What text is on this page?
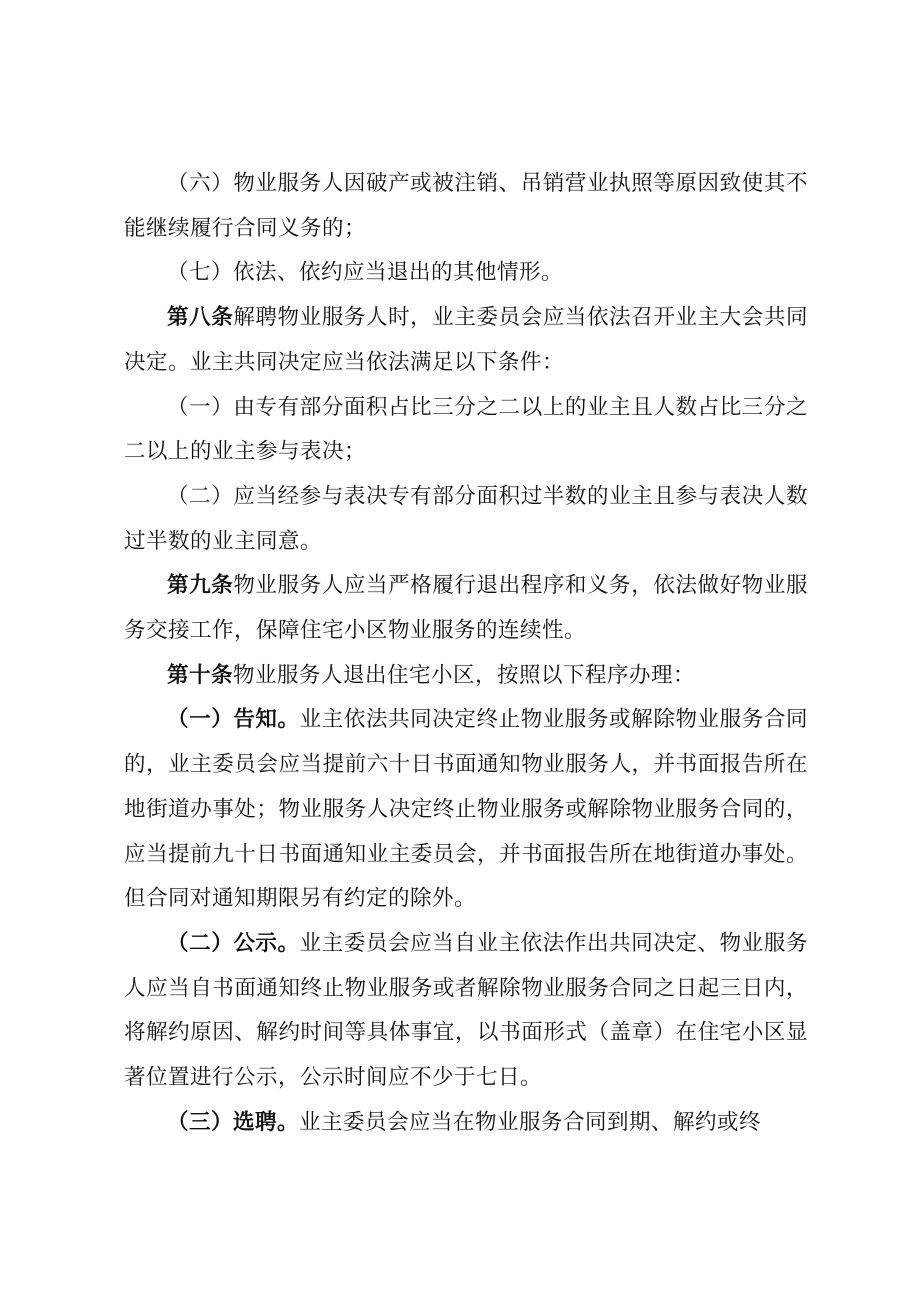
（六）物业服务人因破产或被注销、吊销营业执照等原因致使其不能继续履行合同义务的；

（七）依法、依约应当退出的其他情形。

第八条解聘物业服务人时，业主委员会应当依法召开业主大会共同决定。业主共同决定应当依法满足以下条件：

（一）由专有部分面积占比三分之二以上的业主且人数占比三分之二以上的业主参与表决；

（二）应当经参与表决专有部分面积过半数的业主且参与表决人数过半数的业主同意。

第九条物业服务人应当严格履行退出程序和义务，依法做好物业服务交接工作，保障住宅小区物业服务的连续性。

第十条物业服务人退出住宅小区，按照以下程序办理：

（一）告知。业主依法共同决定终止物业服务或解除物业服务合同的，业主委员会应当提前六十日书面通知物业服务人，并书面报告所在地街道办事处；物业服务人决定终止物业服务或解除物业服务合同的，应当提前九十日书面通知业主委员会，并书面报告所在地街道办事处。但合同对通知期限另有约定的除外。

（二）公示。业主委员会应当自业主依法作出共同决定、物业服务人应当自书面通知终止物业服务或者解除物业服务合同之日起三日内，将解约原因、解约时间等具体事宜，以书面形式（盖章）在住宅小区显著位置进行公示，公示时间应不少于七日。

（三）选聘。业主委员会应当在物业服务合同到期、解约或终
